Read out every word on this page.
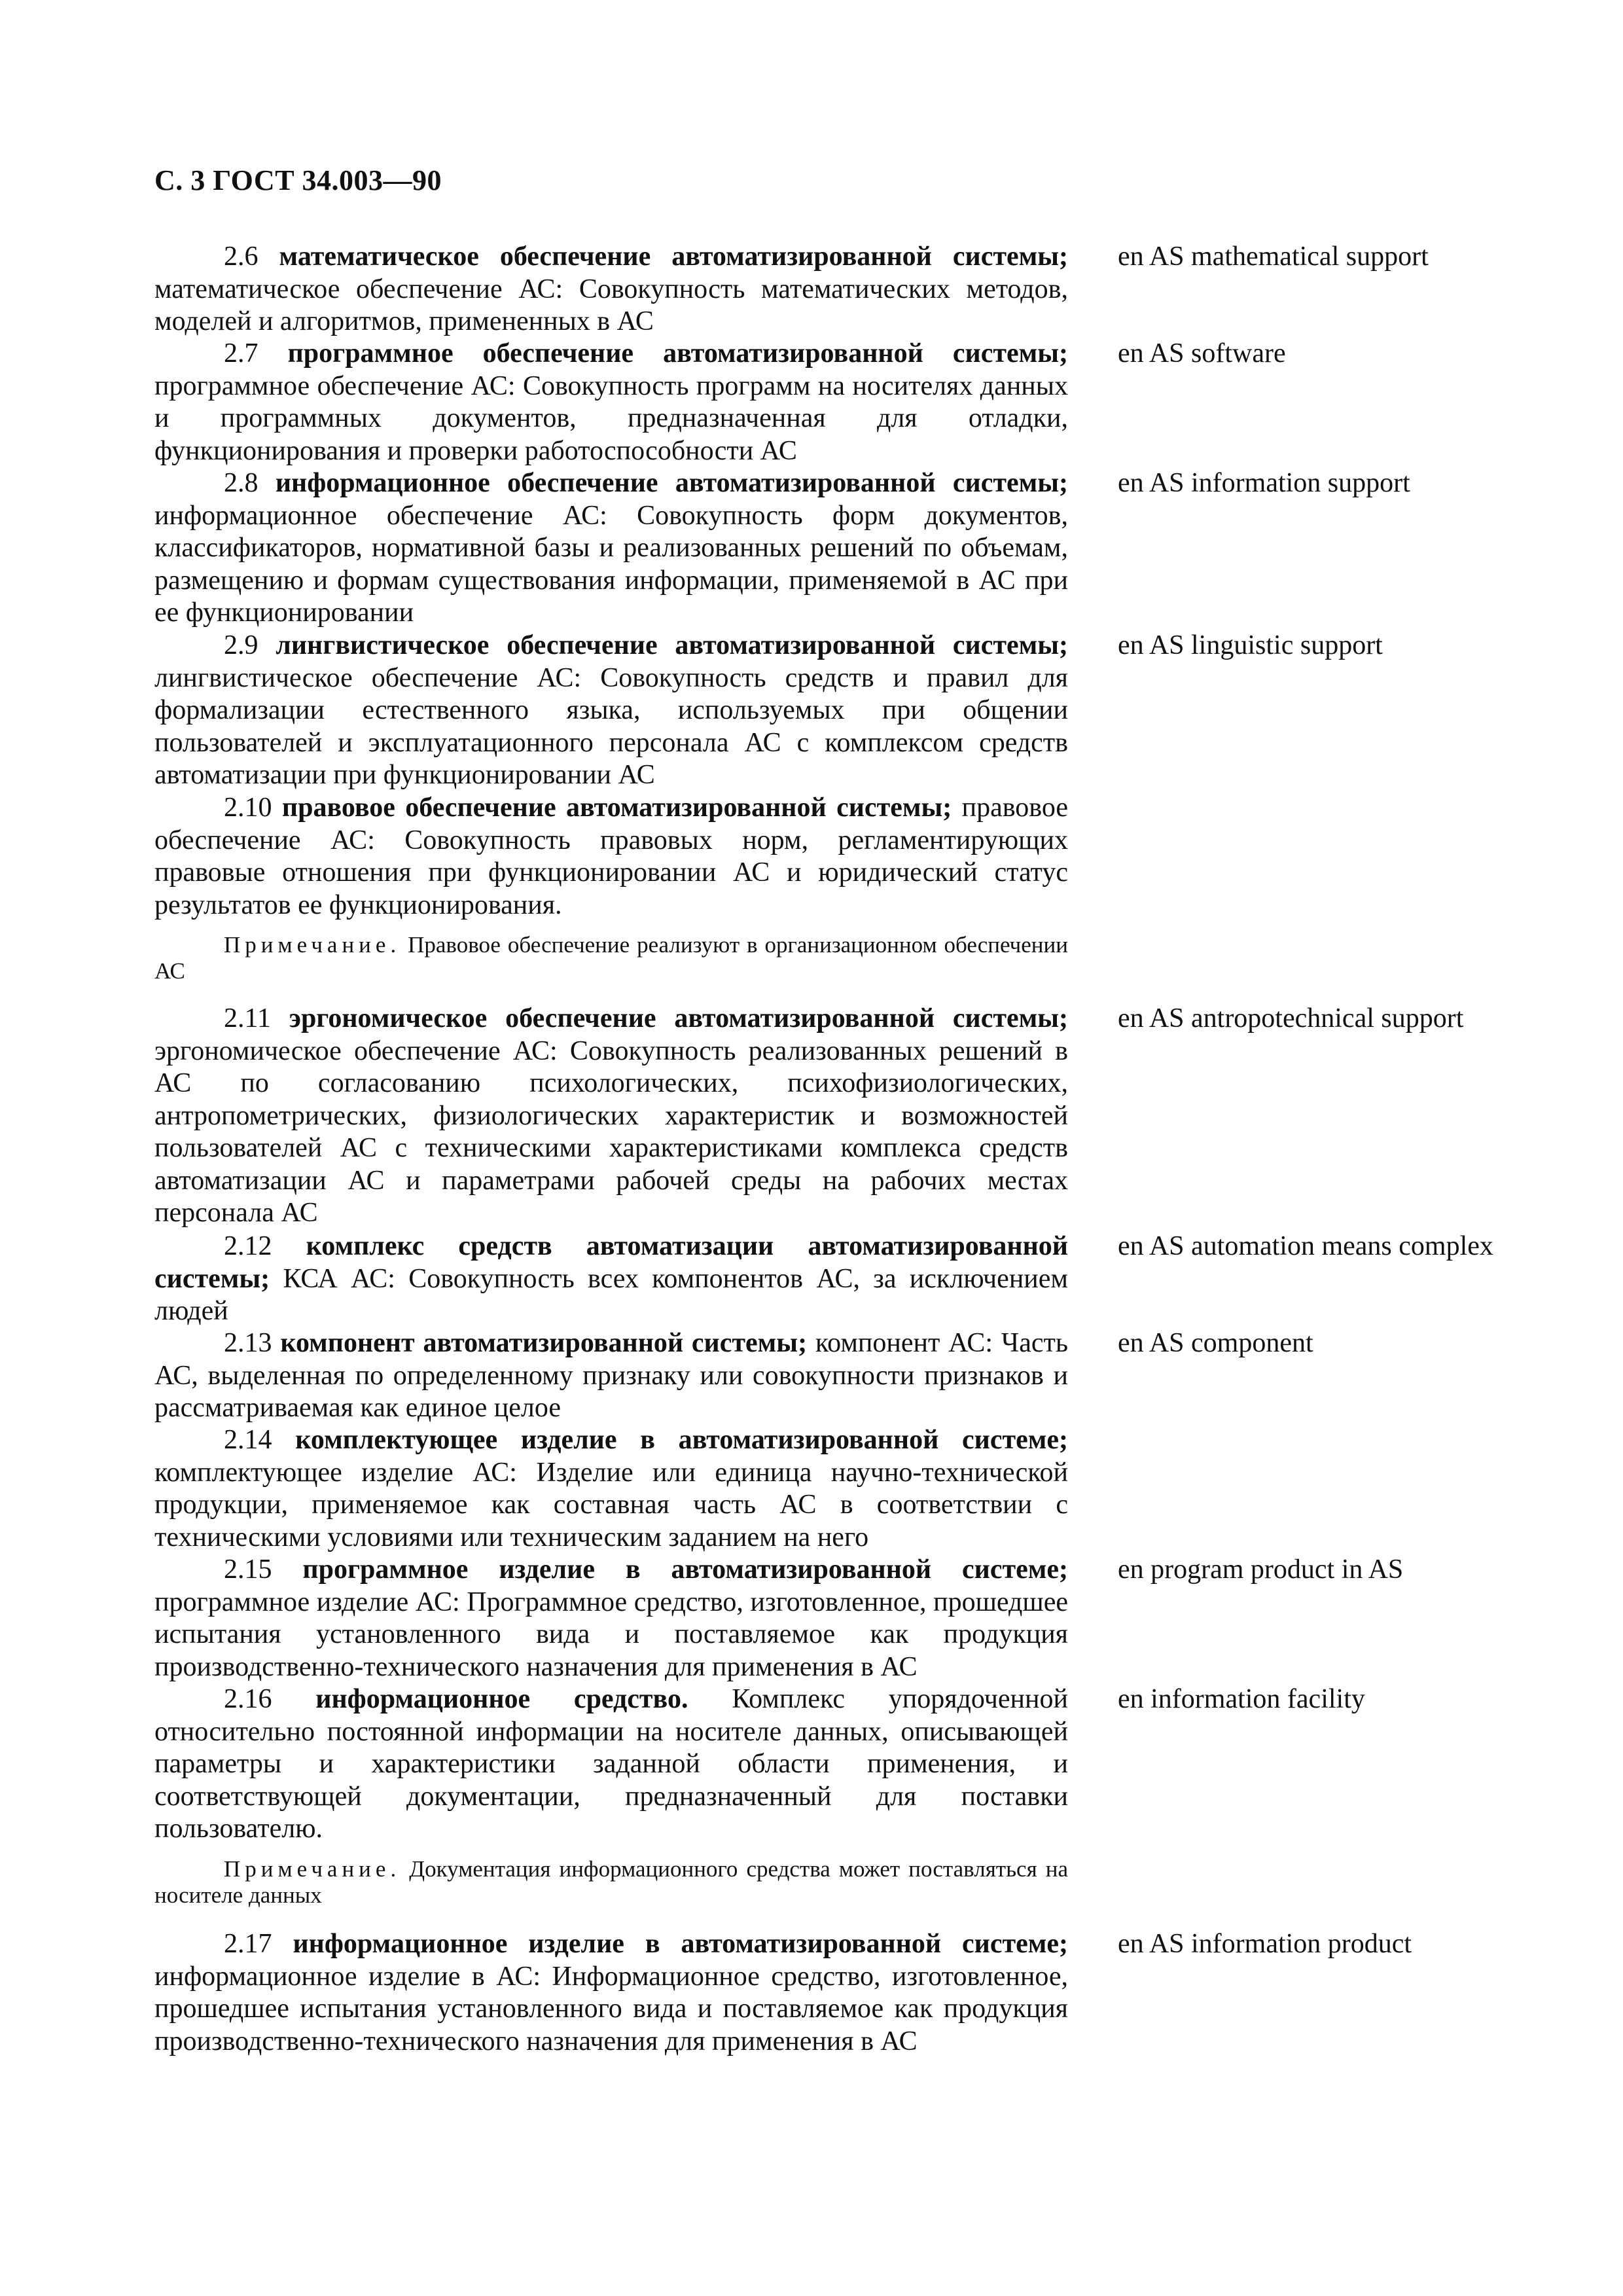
С. 3 ГОСТ 34.003—90
2.6 математическое обеспечение автоматизированной системы; математическое обеспечение АС: Совокупность математических методов, моделей и алгоритмов, примененных в АС
en AS mathematical support
2.7 программное обеспечение автоматизированной системы; программное обеспечение АС: Совокупность программ на носителях данных и программных документов, предназначенная для отладки, функционирования и проверки работоспособности АС
en AS software
2.8 информационное обеспечение автоматизированной системы; информационное обеспечение АС: Совокупность форм документов, классификаторов, нормативной базы и реализованных решений по объемам, размещению и формам существования информации, применяемой в АС при ее функционировании
en AS information support
2.9 лингвистическое обеспечение автоматизированной системы; лингвистическое обеспечение АС: Совокупность средств и правил для формализации естественного языка, используемых при общении пользователей и эксплуатационного персонала АС с комплексом средств автоматизации при функционировании АС
en AS linguistic support
2.10 правовое обеспечение автоматизированной системы; правовое обеспечение АС: Совокупность правовых норм, регламентирующих правовые отношения при функционировании АС и юридический статус результатов ее функционирования.
Примечание. Правовое обеспечение реализуют в организационном обеспечении АС
2.11 эргономическое обеспечение автоматизированной системы; эргономическое обеспечение АС: Совокупность реализованных решений в АС по согласованию психологических, психофизиологических, антропометрических, физиологических характеристик и возможностей пользователей АС с техническими характеристиками комплекса средств автоматизации АС и параметрами рабочей среды на рабочих местах персонала АС
en AS antropotechnical support
2.12 комплекс средств автоматизации автоматизированной системы; КСА АС: Совокупность всех компонентов АС, за исключением людей
en AS automation means complex
2.13 компонент автоматизированной системы; компонент АС: Часть АС, выделенная по определенному признаку или совокупности признаков и рассматриваемая как единое целое
en AS component
2.14 комплектующее изделие в автоматизированной системе; комплектующее изделие АС: Изделие или единица научно-технической продукции, применяемое как составная часть АС в соответствии с техническими условиями или техническим заданием на него
2.15 программное изделие в автоматизированной системе; программное изделие АС: Программное средство, изготовленное, прошедшее испытания установленного вида и поставляемое как продукция производственно-технического назначения для применения в АС
en program product in AS
2.16 информационное средство. Комплекс упорядоченной относительно постоянной информации на носителе данных, описывающей параметры и характеристики заданной области применения, и соответствующей документации, предназначенный для поставки пользователю.
en information facility
Примечание. Документация информационного средства может поставляться на носителе данных
2.17 информационное изделие в автоматизированной системе; информационное изделие в АС: Информационное средство, изготовленное, прошедшее испытания установленного вида и поставляемое как продукция производственно-технического назначения для применения в АС
en AS information product
